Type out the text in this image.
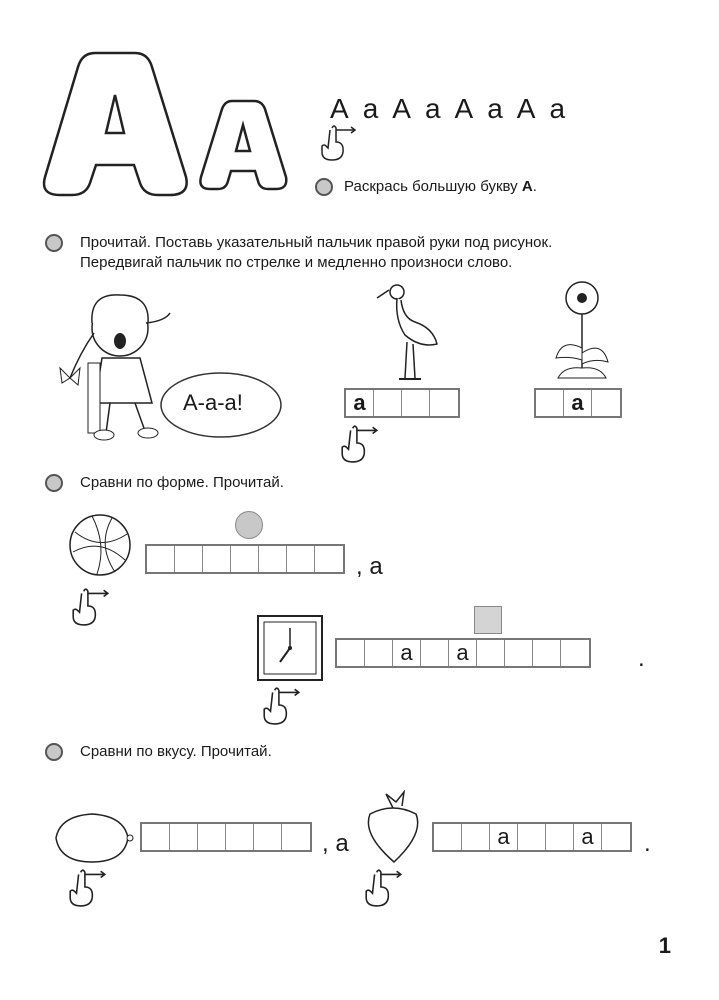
А а А а А а А а
Раскрась большую букву А.
Прочитай. Поставь указательный пальчик правой руки под рисунок.
Передвигай пальчик по стрелке и медленно произноси слово.
А-а-а!	а	а
Сравни по форме. Прочитай.
, а
а	а	.
Сравни по вкусу. Прочитай.
, а	а	а	.
1
